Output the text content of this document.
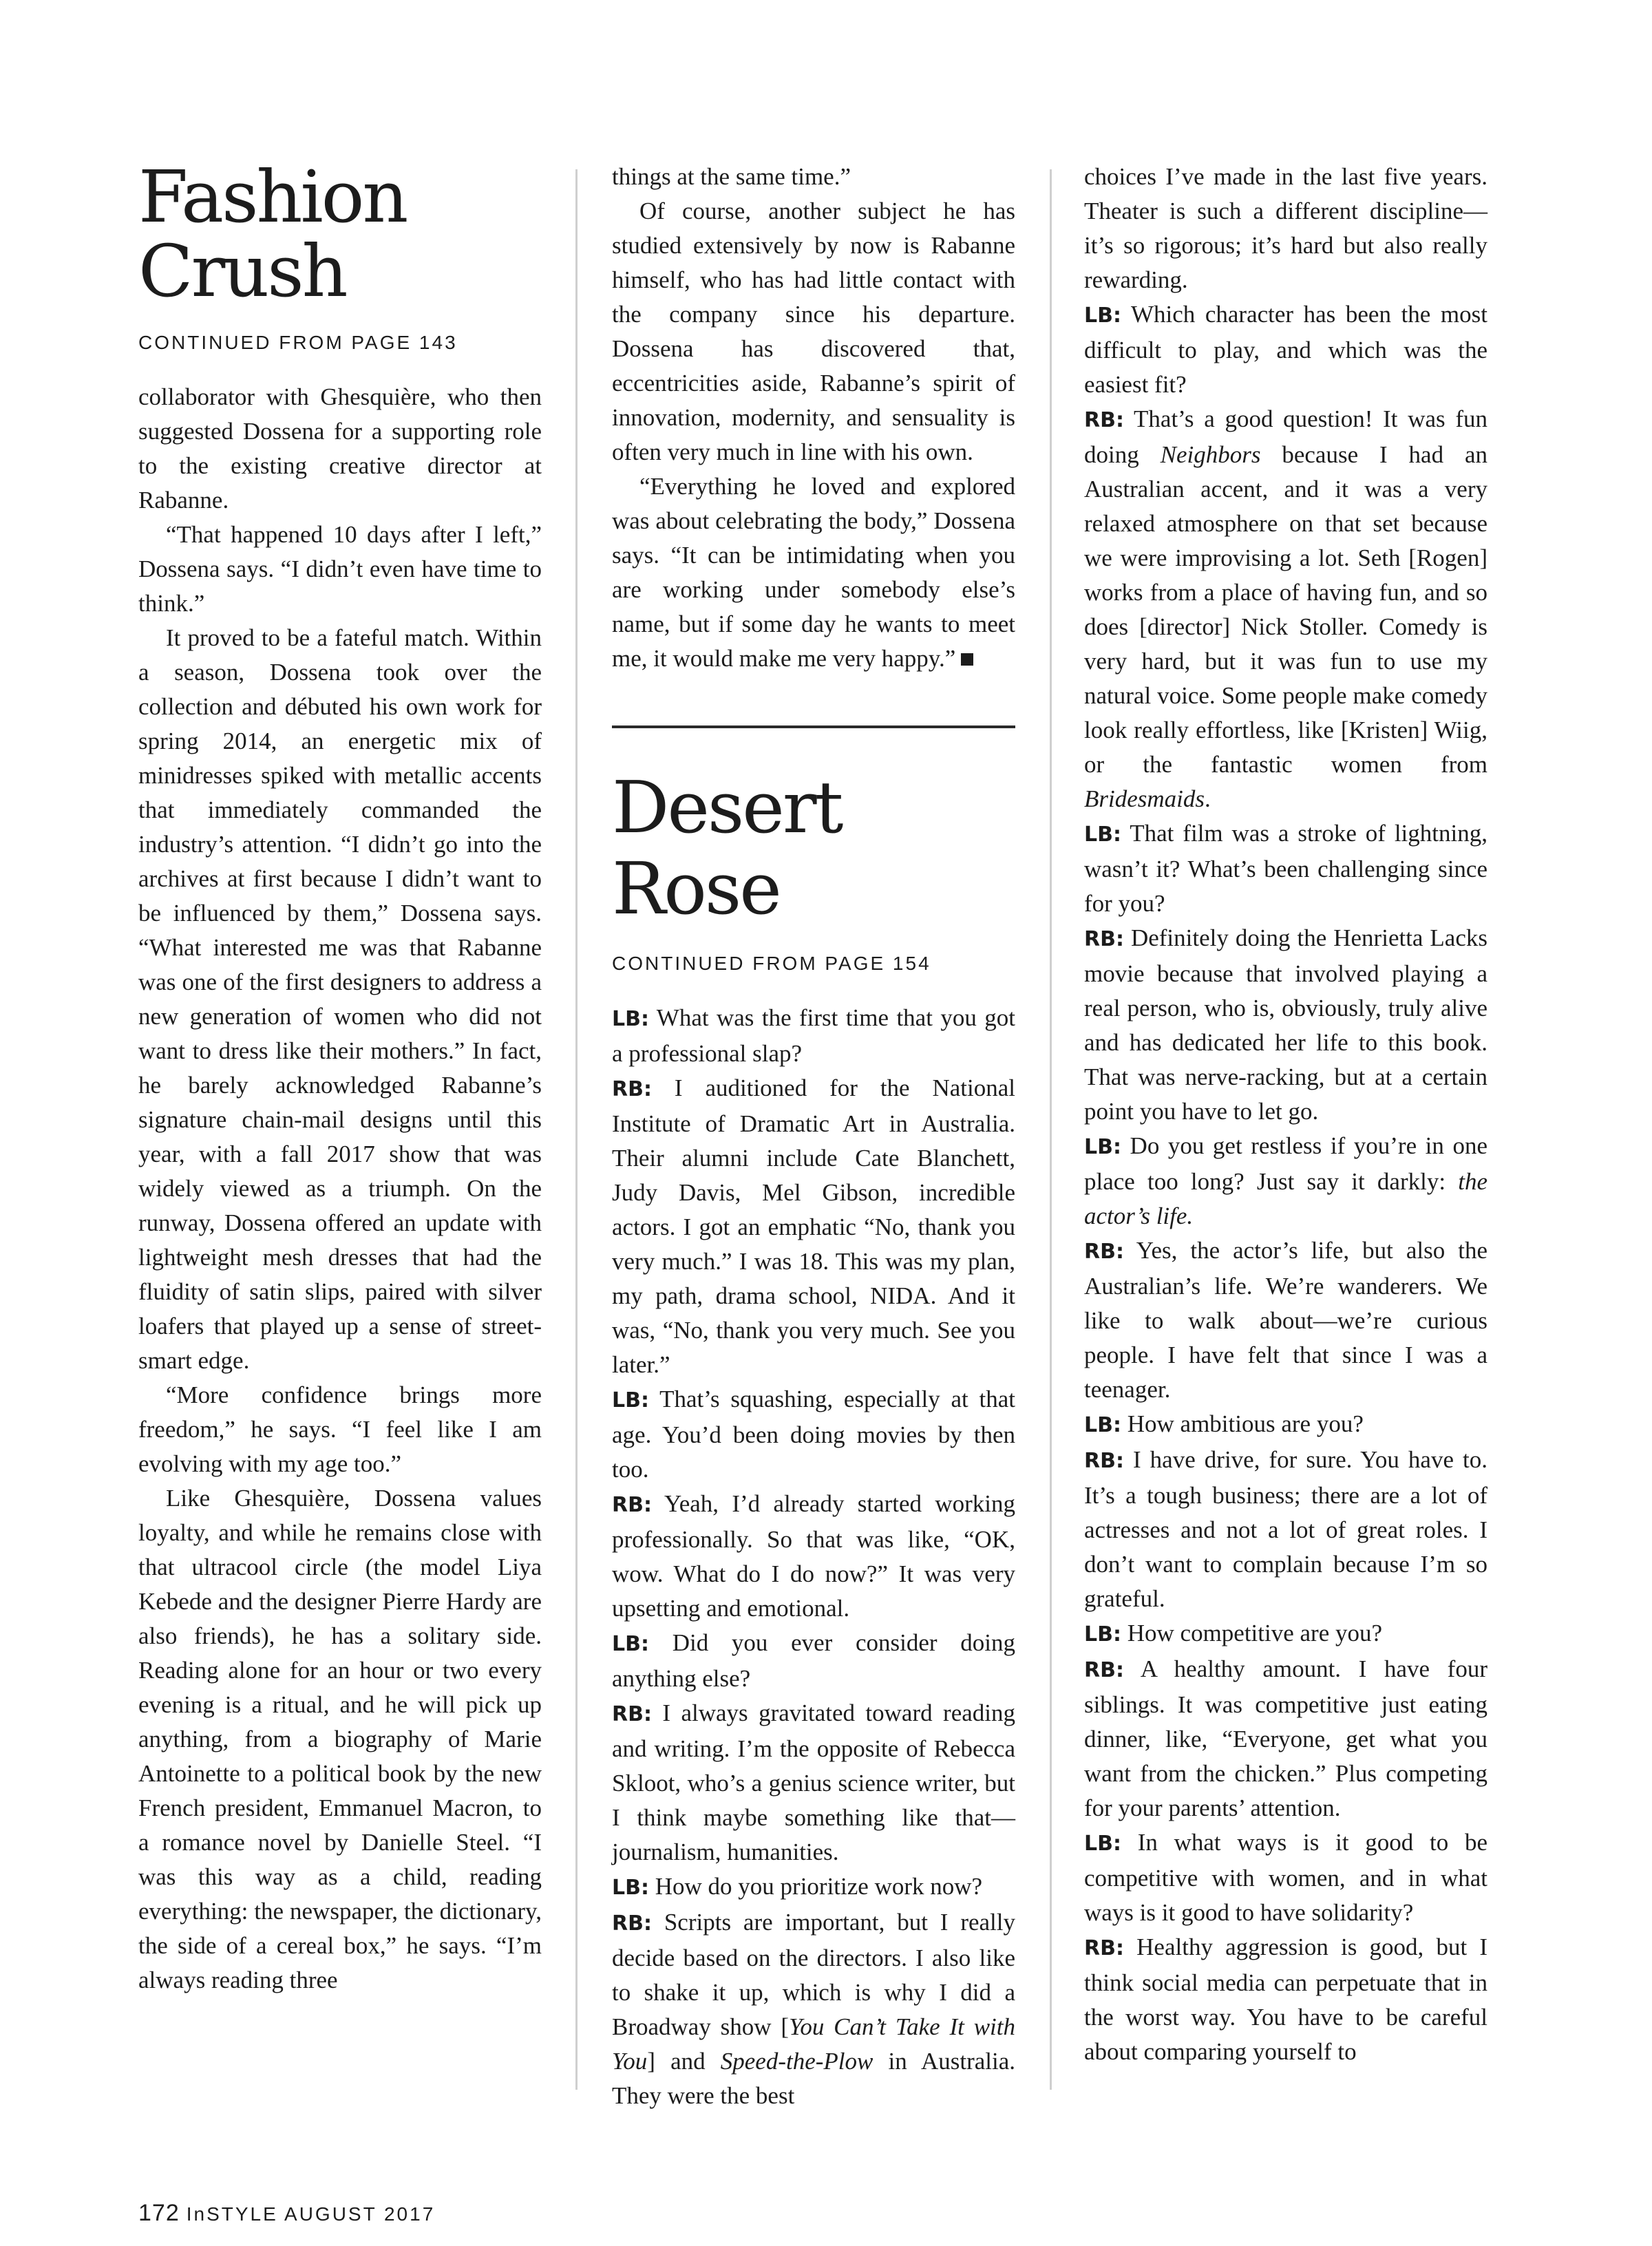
Fashion Crush
CONTINUED FROM PAGE 143

collaborator with Ghesquière, who then suggested Dossena for a supporting role to the existing creative director at Rabanne.

“That happened 10 days after I left,” Dossena says. “I didn’t even have time to think.”

It proved to be a fateful match. Within a season, Dossena took over the collection and débuted his own work for spring 2014, an energetic mix of minidresses spiked with metallic accents that immediately commanded the industry’s attention. “I didn’t go into the archives at first because I didn’t want to be influenced by them,” Dossena says. “What interested me was that Rabanne was one of the first designers to address a new generation of women who did not want to dress like their mothers.” In fact, he barely acknowledged Rabanne’s signature chain-mail designs until this year, with a fall 2017 show that was widely viewed as a triumph. On the runway, Dossena offered an update with lightweight mesh dresses that had the fluidity of satin slips, paired with silver loafers that played up a sense of street-smart edge.

“More confidence brings more freedom,” he says. “I feel like I am evolving with my age too.”

Like Ghesquière, Dossena values loyalty, and while he remains close with that ultracool circle (the model Liya Kebede and the designer Pierre Hardy are also friends), he has a solitary side. Reading alone for an hour or two every evening is a ritual, and he will pick up anything, from a biography of Marie Antoinette to a political book by the new French president, Emmanuel Macron, to a romance novel by Danielle Steel. “I was this way as a child, reading everything: the newspaper, the dictionary, the side of a cereal box,” he says. “I’m always reading three

things at the same time.”

Of course, another subject he has studied extensively by now is Rabanne himself, who has had little contact with the company since his departure. Dossena has discovered that, eccentricities aside, Rabanne’s spirit of innovation, modernity, and sensuality is often very much in line with his own.

“Everything he loved and explored was about celebrating the body,” Dossena says. “It can be intimidating when you are working under somebody else’s name, but if some day he wants to meet me, it would make me very happy.”

Desert Rose
CONTINUED FROM PAGE 154

LB: What was the first time that you got a professional slap?

RB: I auditioned for the National Institute of Dramatic Art in Australia. Their alumni include Cate Blanchett, Judy Davis, Mel Gibson, incredible actors. I got an emphatic “No, thank you very much.” I was 18. This was my plan, my path, drama school, NIDA. And it was, “No, thank you very much. See you later.”

LB: That’s squashing, especially at that age. You’d been doing movies by then too.

RB: Yeah, I’d already started working professionally. So that was like, “OK, wow. What do I do now?” It was very upsetting and emotional.

LB: Did you ever consider doing anything else?

RB: I always gravitated toward reading and writing. I’m the opposite of Rebecca Skloot, who’s a genius science writer, but I think maybe something like that—journalism, humanities.

LB: How do you prioritize work now?

RB: Scripts are important, but I really decide based on the directors. I also like to shake it up, which is why I did a Broadway show [You Can’t Take It with You] and Speed-the-Plow in Australia. They were the best

choices I’ve made in the last five years. Theater is such a different discipline—it’s so rigorous; it’s hard but also really rewarding.

LB: Which character has been the most difficult to play, and which was the easiest fit?

RB: That’s a good question! It was fun doing Neighbors because I had an Australian accent, and it was a very relaxed atmosphere on that set because we were improvising a lot. Seth [Rogen] works from a place of having fun, and so does [director] Nick Stoller. Comedy is very hard, but it was fun to use my natural voice. Some people make comedy look really effortless, like [Kristen] Wiig, or the fantastic women from Bridesmaids.

LB: That film was a stroke of lightning, wasn’t it? What’s been challenging since for you?

RB: Definitely doing the Henrietta Lacks movie because that involved playing a real person, who is, obviously, truly alive and has dedicated her life to this book. That was nerve-racking, but at a certain point you have to let go.

LB: Do you get restless if you’re in one place too long? Just say it darkly: the actor’s life.

RB: Yes, the actor’s life, but also the Australian’s life. We’re wanderers. We like to walk about—we’re curious people. I have felt that since I was a teenager.

LB: How ambitious are you?

RB: I have drive, for sure. You have to. It’s a tough business; there are a lot of actresses and not a lot of great roles. I don’t want to complain because I’m so grateful.

LB: How competitive are you?

RB: A healthy amount. I have four siblings. It was competitive just eating dinner, like, “Everyone, get what you want from the chicken.” Plus competing for your parents’ attention.

LB: In what ways is it good to be competitive with women, and in what ways is it good to have solidarity?

RB: Healthy aggression is good, but I think social media can perpetuate that in the worst way. You have to be careful about comparing yourself to

172 InSTYLE AUGUST 2017
